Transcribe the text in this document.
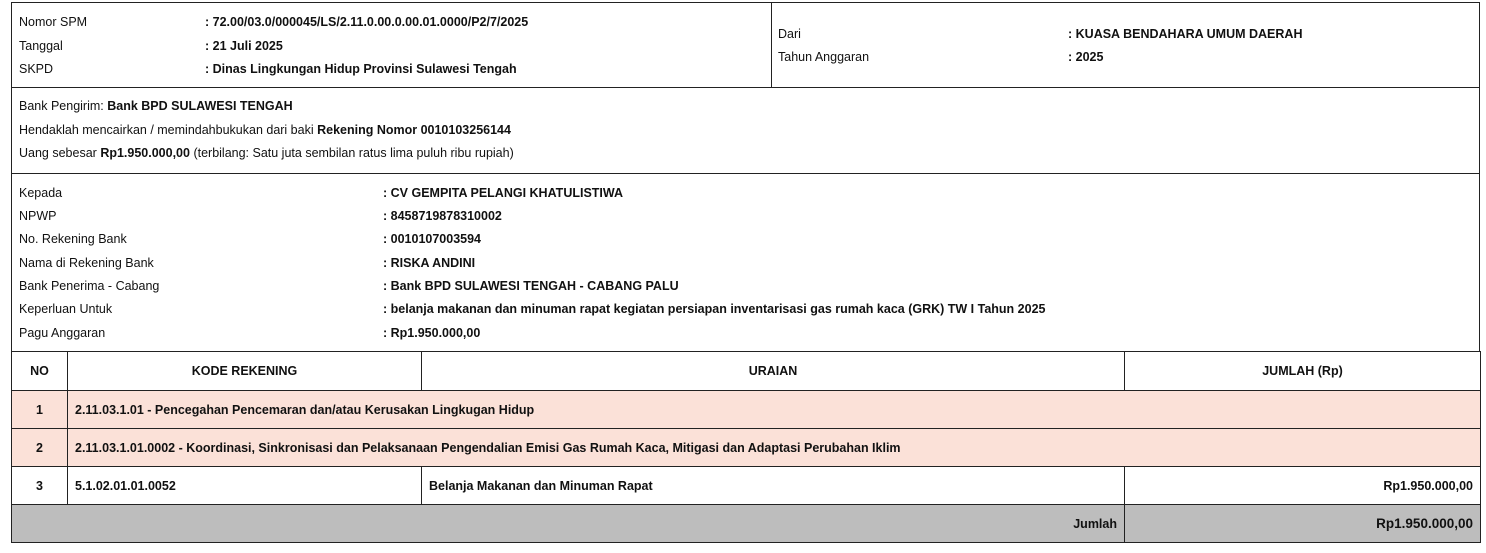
Nomor SPM	: 72.00/03.0/000045/LS/2.11.0.00.0.00.01.0000/P2/7/2025
Tanggal	: 21 Juli 2025
SKPD	: Dinas Lingkungan Hidup Provinsi Sulawesi Tengah
Dari	: KUASA BENDAHARA UMUM DAERAH
Tahun Anggaran	: 2025
Bank Pengirim: Bank BPD SULAWESI TENGAH
Hendaklah mencairkan / memindahbukukan dari baki Rekening Nomor 0010103256144
Uang sebesar Rp1.950.000,00 (terbilang: Satu juta sembilan ratus lima puluh ribu rupiah)
Kepada	: CV GEMPITA PELANGI KHATULISTIWA
NPWP	: 8458719878310002
No. Rekening Bank	: 0010107003594
Nama di Rekening Bank	: RISKA ANDINI
Bank Penerima - Cabang	: Bank BPD SULAWESI TENGAH - CABANG PALU
Keperluan Untuk	: belanja makanan dan minuman rapat kegiatan persiapan inventarisasi gas rumah kaca (GRK) TW I Tahun 2025
Pagu Anggaran	: Rp1.950.000,00
NO	KODE REKENING	URAIAN	JUMLAH (Rp)
1	2.11.03.1.01 - Pencegahan Pencemaran dan/atau Kerusakan Lingkugan Hidup		
2	2.11.03.1.01.0002 - Koordinasi, Sinkronisasi dan Pelaksanaan Pengendalian Emisi Gas Rumah Kaca, Mitigasi dan Adaptasi Perubahan Iklim		
3	5.1.02.01.01.0052	Belanja Makanan dan Minuman Rapat	Rp1.950.000,00
Jumlah			Rp1.950.000,00
